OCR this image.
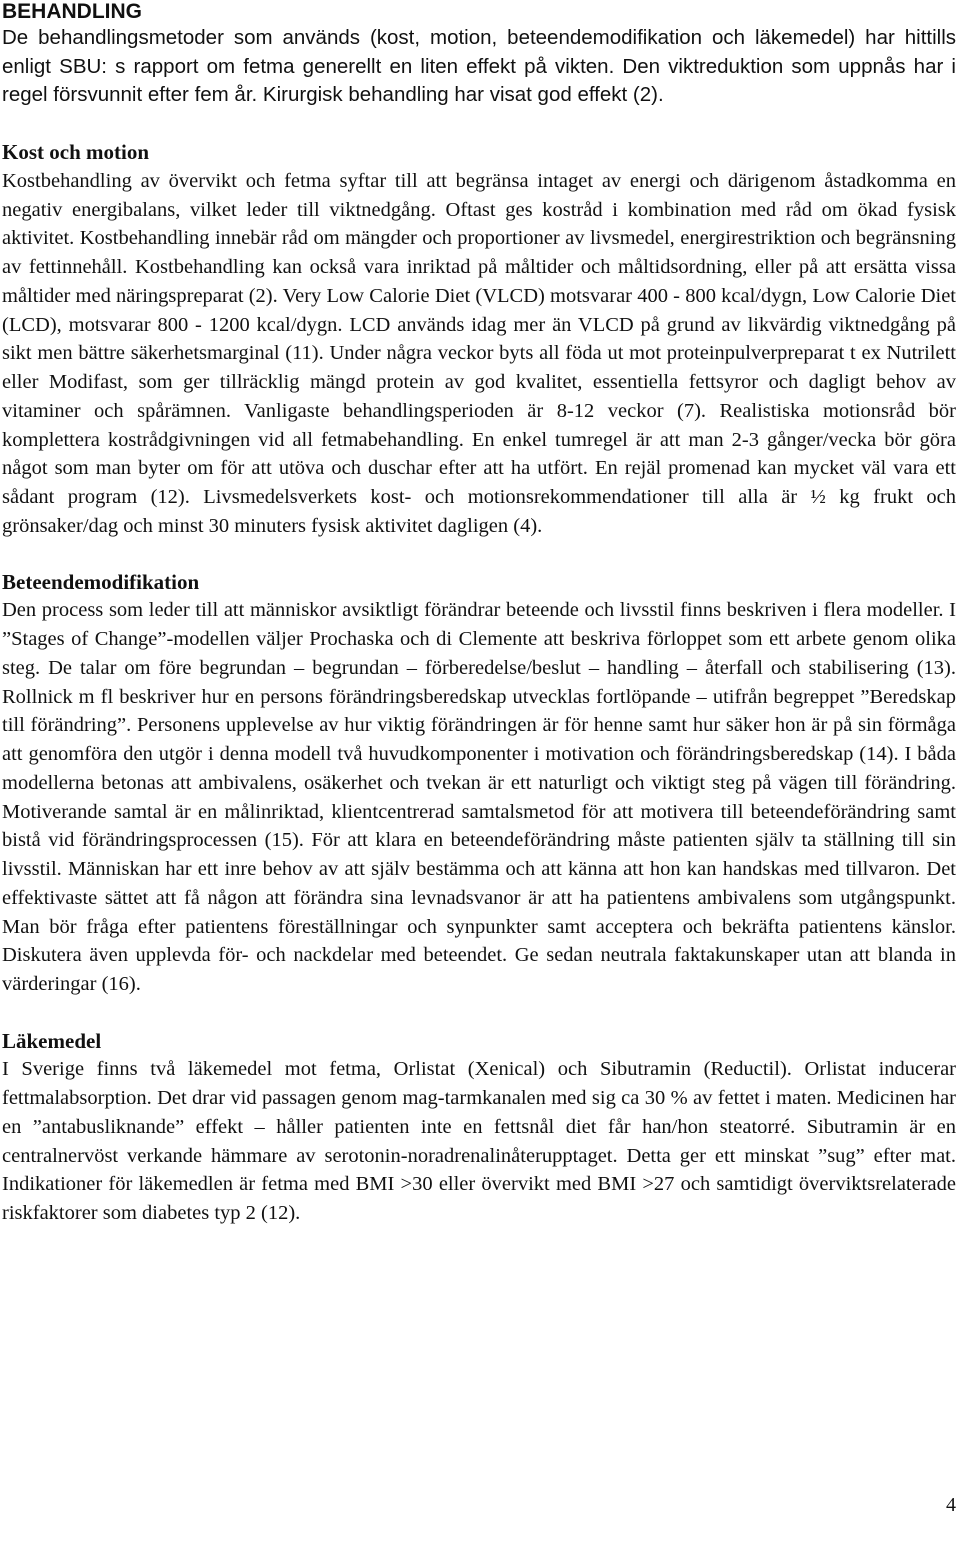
BEHANDLING

De behandlingsmetoder som används (kost, motion, beteendemodifikation och läkemedel) har hittills enligt SBU: s rapport om fetma generellt en liten effekt på vikten. Den viktreduktion som uppnås har i regel försvunnit efter fem år. Kirurgisk behandling har visat god effekt (2).

Kost och motion

Kostbehandling av övervikt och fetma syftar till att begränsa intaget av energi och därigenom åstadkomma en negativ energibalans, vilket leder till viktnedgång. Oftast ges kostråd i kombination med råd om ökad fysisk aktivitet. Kostbehandling innebär råd om mängder och proportioner av livsmedel, energirestriktion och begränsning av fettinnehåll. Kostbehandling kan också vara inriktad på måltider och måltidsordning, eller på att ersätta vissa måltider med näringspreparat (2). Very Low Calorie Diet (VLCD) motsvarar 400 - 800 kcal/dygn, Low Calorie Diet (LCD), motsvarar 800 - 1200 kcal/dygn. LCD används idag mer än VLCD på grund av likvärdig viktnedgång på sikt men bättre säkerhetsmarginal (11). Under några veckor byts all föda ut mot proteinpulverpreparat t ex Nutrilett eller Modifast, som ger tillräcklig mängd protein av god kvalitet, essentiella fettsyror och dagligt behov av vitaminer och spårämnen. Vanligaste behandlingsperioden är 8-12 veckor (7). Realistiska motionsråd bör komplettera kostrådgivningen vid all fetmabehandling. En enkel tumregel är att man 2-3 gånger/vecka bör göra något som man byter om för att utöva och duschar efter att ha utfört. En rejäl promenad kan mycket väl vara ett sådant program (12). Livsmedelsverkets kost- och motionsrekommendationer till alla är ½ kg frukt och grönsaker/dag och minst 30 minuters fysisk aktivitet dagligen (4).

Beteendemodifikation

Den process som leder till att människor avsiktligt förändrar beteende och livsstil finns beskriven i flera modeller. I ”Stages of Change”-modellen väljer Prochaska och di Clemente att beskriva förloppet som ett arbete genom olika steg. De talar om före begrundan – begrundan – förberedelse/beslut – handling – återfall och stabilisering (13). Rollnick m fl beskriver hur en persons förändringsberedskap utvecklas fortlöpande – utifrån begreppet ”Beredskap till förändring”. Personens upplevelse av hur viktig förändringen är för henne samt hur säker hon är på sin förmåga att genomföra den utgör i denna modell två huvudkomponenter i motivation och förändringsberedskap (14). I båda modellerna betonas att ambivalens, osäkerhet och tvekan är ett naturligt och viktigt steg på vägen till förändring. Motiverande samtal är en målinriktad, klientcentrerad samtalsmetod för att motivera till beteendeförändring samt bistå vid förändringsprocessen (15). För att klara en beteendeförändring måste patienten själv ta ställning till sin livsstil. Människan har ett inre behov av att själv bestämma och att känna att hon kan handskas med tillvaron. Det effektivaste sättet att få någon att förändra sina levnadsvanor är att ha patientens ambivalens som utgångspunkt. Man bör fråga efter patientens föreställningar och synpunkter samt acceptera och bekräfta patientens känslor. Diskutera även upplevda för- och nackdelar med beteendet. Ge sedan neutrala faktakunskaper utan att blanda in värderingar (16).

Läkemedel

I Sverige finns två läkemedel mot fetma, Orlistat (Xenical) och Sibutramin (Reductil). Orlistat inducerar fettmalabsorption. Det drar vid passagen genom mag-tarmkanalen med sig ca 30 % av fettet i maten. Medicinen har en ”antabusliknande” effekt – håller patienten inte en fettsnål diet får han/hon steatorré. Sibutramin är en centralnervöst verkande hämmare av serotonin-noradrenalinåterupptaget. Detta ger ett minskat ”sug” efter mat. Indikationer för läkemedlen är fetma med BMI >30 eller övervikt med BMI >27 och samtidigt överviktsrelaterade riskfaktorer som diabetes typ 2 (12).

4
